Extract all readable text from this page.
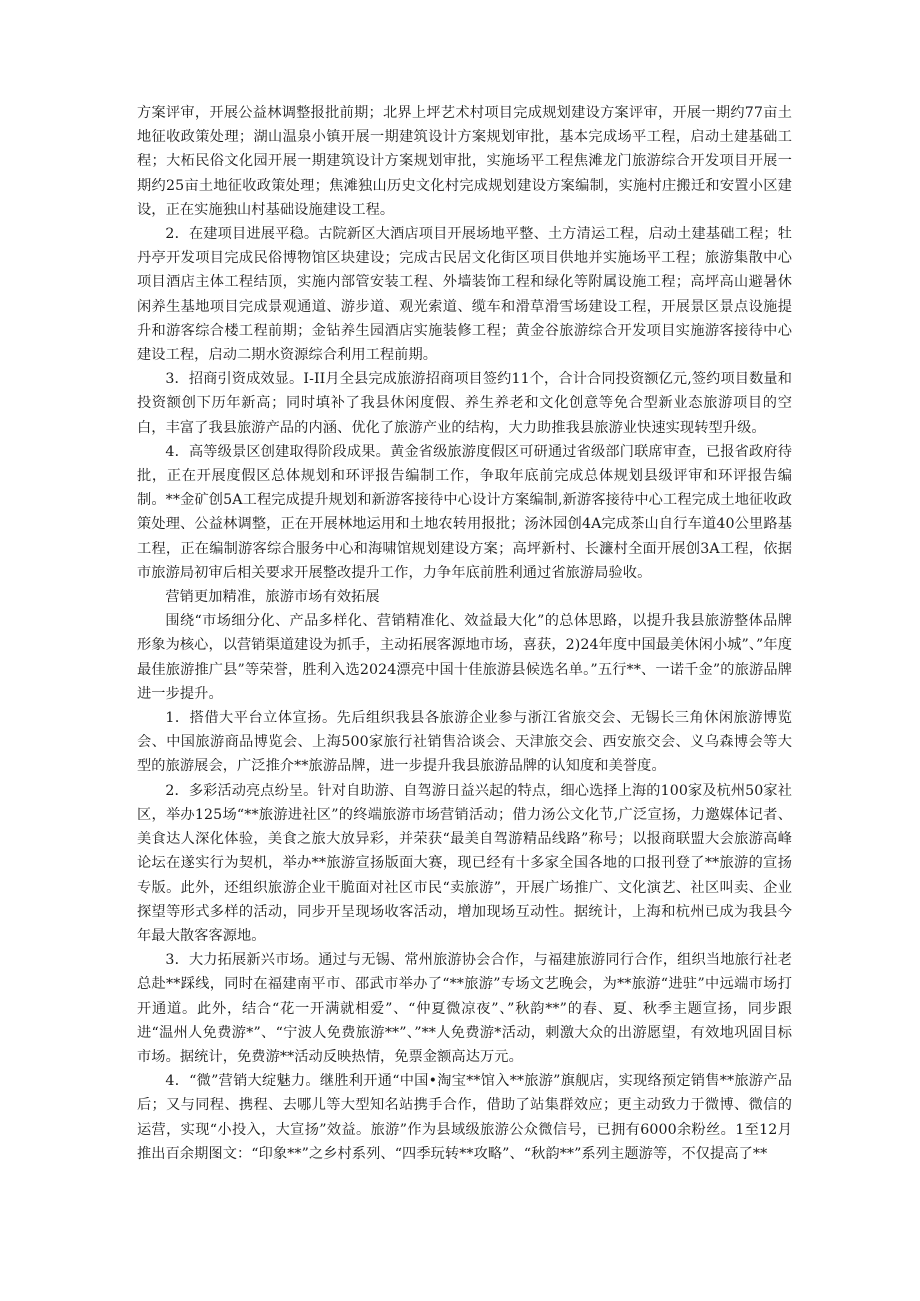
方案评审，开展公益林调整报批前期；北界上坪艺术村项目完成规划建设方案评审，开展一期约77亩土地征收政策处理；湖山温泉小镇开展一期建筑设计方案规划审批，基本完成场平工程，启动土建基础工程；大柘民俗文化园开展一期建筑设计方案规划审批，实施场平工程焦滩龙门旅游综合开发项目开展一期约25亩土地征收政策处理；焦滩独山历史文化村完成规划建设方案编制，实施村庄搬迁和安置小区建设，正在实施独山村基础设施建设工程。

2．在建项目进展平稳。古院新区大酒店项目开展场地平整、土方清运工程，启动土建基础工程；牡丹亭开发项目完成民俗博物馆区块建设；完成古民居文化街区项目供地并实施场平工程；旅游集散中心项目酒店主体工程结顶，实施内部管安装工程、外墙装饰工程和绿化等附属设施工程；高坪高山避暑休闲养生基地项目完成景观通道、游步道、观光索道、缆车和滑草滑雪场建设工程，开展景区景点设施提升和游客综合楼工程前期；金钻养生园酒店实施装修工程；黄金谷旅游综合开发项目实施游客接待中心建设工程，启动二期水资源综合利用工程前期。

3．招商引资成效显。I-II月全县完成旅游招商项目签约11个，合计合同投资额亿元,签约项目数量和投资额创下历年新高；同时填补了我县休闲度假、养生养老和文化创意等免合型新业态旅游项目的空白，丰富了我县旅游产品的内涵、优化了旅游产业的结构，大力助推我县旅游业快速实现转型升级。

4．高等级景区创建取得阶段成果。黄金省级旅游度假区可研通过省级部门联席审查，已报省政府待批，正在开展度假区总体规划和环评报告编制工作，争取年底前完成总体规划县级评审和环评报告编制。**金矿创5A工程完成提升规划和新游客接待中心设计方案编制,新游客接待中心工程完成土地征收政策处理、公益林调整，正在开展林地运用和土地农转用报批；汤沐园创4A完成茶山自行车道40公里路基工程，正在编制游客综合服务中心和海啸馆规划建设方案；高坪新村、长濂村全面开展创3A工程，依据市旅游局初审后相关要求开展整改提升工作，力争年底前胜利通过省旅游局验收。

营销更加精准，旅游市场有效拓展

围绕“市场细分化、产品多样化、营销精准化、效益最大化”的总体思路，以提升我县旅游整体品牌形象为核心，以营销渠道建设为抓手，主动拓展客源地市场，喜获，2)24年度中国最美休闲小城”、”年度最佳旅游推广县”等荣誉，胜利入选2024漂亮中国十佳旅游县候选名单。”五行**、一诺千金”的旅游品牌进一步提升。

1．搭借大平台立体宣扬。先后组织我县各旅游企业参与浙江省旅交会、无锡长三角休闲旅游博览会、中国旅游商品博览会、上海500家旅行社销售洽谈会、天津旅交会、西安旅交会、义乌森博会等大型的旅游展会，广泛推介**旅游品牌，进一步提升我县旅游品牌的认知度和美誉度。

2．多彩活动亮点纷呈。针对自助游、自驾游日益兴起的特点，细心选择上海的100家及杭州50家社区，举办125场“**旅游进社区”的终端旅游市场营销活动；借力汤公文化节,广泛宣扬，力邀媒体记者、美食达人深化体验，美食之旅大放异彩，并荣获“最美自驾游精品线路”称号；以报商联盟大会旅游高峰论坛在遂实行为契机，举办**旅游宣扬版面大赛，现已经有十多家全国各地的口报刊登了**旅游的宣扬专版。此外，还组织旅游企业干脆面对社区市民“卖旅游”，开展广场推广、文化演艺、社区叫卖、企业探望等形式多样的活动，同步开呈现场收客活动，增加现场互动性。据统计，上海和杭州已成为我县今年最大散客客源地。

3．大力拓展新兴市场。通过与无锡、常州旅游协会合作，与福建旅游同行合作，组织当地旅行社老总赴**踩线，同时在福建南平市、邵武市举办了“**旅游”专场文艺晚会，为**旅游“进驻”中远端市场打开通道。此外，结合“花一开满就相爱”、“仲夏微凉夜”、”秋韵**”的春、夏、秋季主题宣扬，同步跟进“温州人免费游*”、“宁波人免费旅游**”、”**人免费游*活动，刺激大众的出游愿望，有效地巩固目标市场。据统计，免费游**活动反映热情，免票金额高达万元。

4．“微”营销大绽魅力。继胜利开通“中国•淘宝**馆入**旅游”旗舰店，实现络预定销售**旅游产品后；又与同程、携程、去哪儿等大型知名站携手合作，借助了站集群效应；更主动致力于微博、微信的运营，实现“小投入，大宣扬”效益。旅游”作为县域级旅游公众微信号，已拥有6000余粉丝。1至12月推出百余期图文：“印象**”之乡村系列、“四季玩转**攻略”、“秋韵**”系列主题游等，不仅提高了**
